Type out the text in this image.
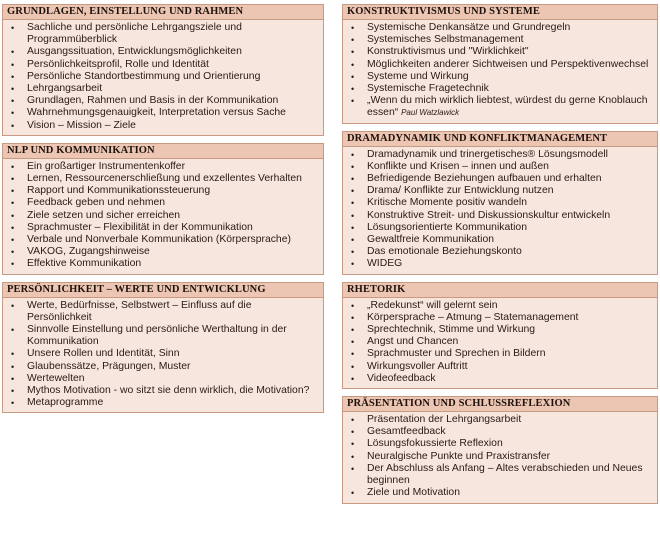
GRUNDLAGEN, EINSTELLUNG UND RAHMEN
• Sachliche und persönliche Lehrgangsziele und Programmüberblick
• Ausgangssituation, Entwicklungsmöglichkeiten
• Persönlichkeitsprofil, Rolle und Identität
• Persönliche Standortbestimmung und Orientierung
• Lehrgangsarbeit
• Grundlagen, Rahmen und Basis in der Kommunikation
• Wahrnehmungsgenauigkeit, Interpretation versus Sache
• Vision – Mission – Ziele
NLP UND KOMMUNIKATION
• Ein großartiger Instrumentenkoffer
• Lernen, Ressourcenerschließung und exzellentes Verhalten
• Rapport und Kommunikationssteuerung
• Feedback geben und nehmen
• Ziele setzen und sicher erreichen
• Sprachmuster – Flexibilität in der Kommunikation
• Verbale und Nonverbale Kommunikation (Körpersprache)
• VAKOG, Zugangshinweise
• Effektive Kommunikation
PERSÖNLICHKEIT – WERTE UND ENTWICKLUNG
• Werte, Bedürfnisse, Selbstwert – Einfluss auf die Persönlichkeit
• Sinnvolle Einstellung und persönliche Werthaltung in der Kommunikation
• Unsere Rollen und Identität, Sinn
• Glaubenssätze, Prägungen, Muster
• Wertewelten
• Mythos Motivation - wo sitzt sie denn wirklich, die Motivation?
• Metaprogramme
KONSTRUKTIVISMUS UND SYSTEME
• Systemische Denkansätze und Grundregeln
• Systemisches Selbstmanagement
• Konstruktivismus und "Wirklichkeit"
• Möglichkeiten anderer Sichtweisen und Perspektivenwechsel
• Systeme und Wirkung
• Systemische Fragetechnik
• „Wenn du mich wirklich liebtest, würdest du gerne Knoblauch essen“ Paul Watzlawick
DRAMADYNAMIK UND KONFLIKTMANAGEMENT
• Dramadynamik und trinergetisches® Lösungsmodell
• Konflikte und Krisen – innen und außen
• Befriedigende Beziehungen aufbauen und erhalten
• Drama/ Konflikte zur Entwicklung nutzen
• Kritische Momente positiv wandeln
• Konstruktive Streit- und Diskussionskultur entwickeln
• Lösungsorientierte Kommunikation
• Gewaltfreie Kommunikation
• Das emotionale Beziehungskonto
• WIDEG
RHETORIK
• „Redekunst“ will gelernt sein
• Körpersprache – Atmung – Statemanagement
• Sprechtechnik, Stimme und Wirkung
• Angst und Chancen
• Sprachmuster und Sprechen in Bildern
• Wirkungsvoller Auftritt
• Videofeedback
PRÄSENTATION UND SCHLUSSREFLEXION
• Präsentation der Lehrgangsarbeit
• Gesamtfeedback
• Lösungsfokussierte Reflexion
• Neuralgische Punkte und Praxistransfer
• Der Abschluss als Anfang – Altes verabschieden und Neues beginnen
• Ziele und Motivation
